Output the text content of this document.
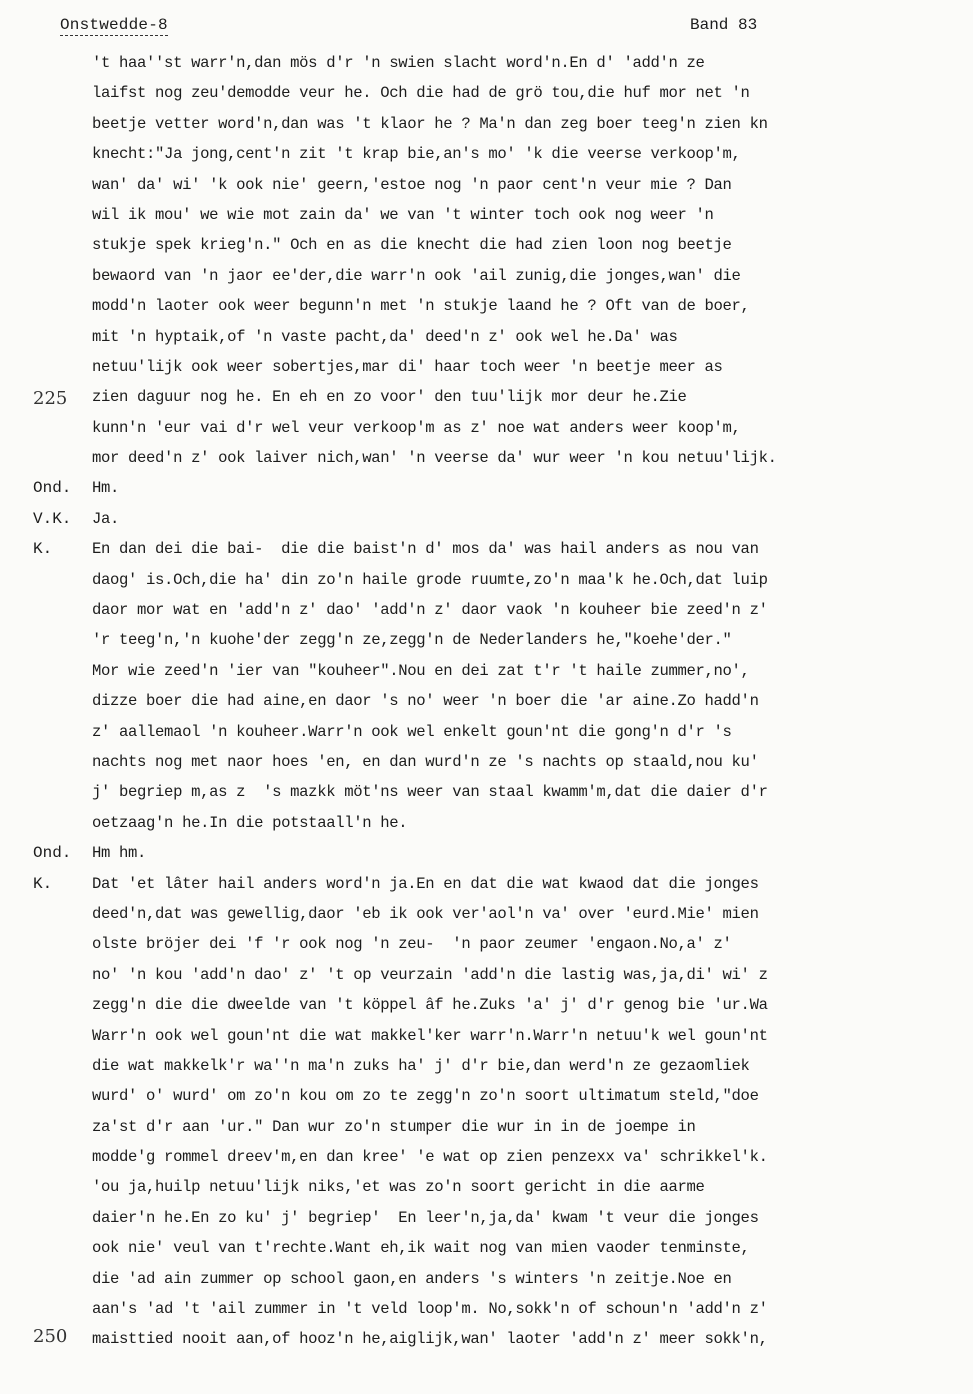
Onstwedde-8	Band 83
't haa''st warr'n,dan mös d'r 'n swien slacht word'n.En d' 'add'n ze
laifst nog zeu'demodde veur he. Och die had de grö tou,die huf mor net 'n
beetje vetter word'n,dan was 't klaor he ? Ma'n dan zeg boer teeg'n zien kn
knecht:"Ja jong,cent'n zit 't krap bie,an's mo' 'k die veerse verkoop'm,
wan' da' wi' 'k ook nie' geern,'estoe nog 'n paor cent'n veur mie ? Dan
wil ik mou' we wie mot zain da' we van 't winter toch ook nog weer 'n
stukje spek krieg'n." Och en as die knecht die had zien loon nog beetje
bewaord van 'n jaor ee'der,die warr'n ook 'ail zunig,die jonges,wan' die
modd'n laoter ook weer begunn'n met 'n stukje laand he ? Oft van de boer,
mit 'n hyptaik,of 'n vaste pacht,da' deed'n z' ook wel he.Da' was
netuu'lijk ook weer sobertjes,mar di' haar toch weer 'n beetje meer as
225 zien daguur nog he. En eh en zo voor' den tuu'lijk mor deur he.Zie
kunn'n 'eur vai d'r wel veur verkoop'm as z' noe wat anders weer koop'm,
mor deed'n z' ook laiver nich,wan' 'n veerse da' wur weer 'n kou netuu'lijk.
Ond. Hm.
V.K. Ja.
K.	En dan dei die bai-  die die baist'n d' mos da' was hail anders as nou van
daog' is.Och,die ha' din zo'n haile grode ruumte,zo'n maa'k he.Och,dat luip
daor mor wat en 'add'n z' dao' 'add'n z' daor vaok 'n kouheer bie zeed'n z'
'r teeg'n,'n kuohe'der zegg'n ze,zegg'n de Nederlanders he,"koehe'der."
Mor wie zeed'n 'ier van "kouheer".Nou en dei zat t'r 't haile zummer,no',
dizze boer die had aine,en daor 's no' weer 'n boer die 'ar aine.Zo hadd'n
z' aallemaol 'n kouheer.Warr'n ook wel enkelt goun'nt die gong'n d'r 's
nachts nog met naor hoes 'en, en dan wurd'n ze 's nachts op staald,nou ku'
j' begriep m,as z  's mazkk möt'ns weer van staal kwamm'm,dat die daier d'r
oetzaag'n he.In die potstaall'n he.
Ond. Hm hm.
K.	Dat 'et lâter hail anders word'n ja.En en dat die wat kwaod dat die jonges
deed'n,dat was gewellig,daor 'eb ik ook ver'aol'n va' over 'eurd.Mie' mien
olste bröjer dei 'f 'r ook nog 'n zeu-  'n paor zeumer 'engaon.No,a' z'
no' 'n kou 'add'n dao' z' 't op veurzain 'add'n die lastig was,ja,di' wi' z
zegg'n die die dweelde van 't köppel âf he.Zuks 'a' j' d'r genog bie 'ur.Wa
Warr'n ook wel goun'nt die wat makkel'ker warr'n.Warr'n netuu'k wel goun'nt
die wat makkelk'r wa''n ma'n zuks ha' j' d'r bie,dan werd'n ze gezaomliek
wurd' o' wurd' om zo'n kou om zo te zegg'n zo'n soort ultimatum steld,"doe
za'st d'r aan 'ur." Dan wur zo'n stumper die wur in in de joempe in
modde'g rommel dreev'm,en dan kree' 'e wat op zien penzexx va' schrikkel'k.
'ou ja,huilp netuu'lijk niks,'et was zo'n soort gericht in die aarme
daier'n he.En zo ku' j' begriep'  En leer'n,ja,da' kwam 't veur die jonges
ook nie' veul van t'rechte.Want eh,ik wait nog van mien vaoder tenminste,
die 'ad ain zummer op school gaon,en anders 's winters 'n zeitje.Noe en
aan's 'ad 't 'ail zummer in 't veld loop'm. No,sokk'n of schoun'n 'add'n z'
250 maisttied nooit aan,of hooz'n he,aiglijk,wan' laoter 'add'n z' meer sokk'n,
